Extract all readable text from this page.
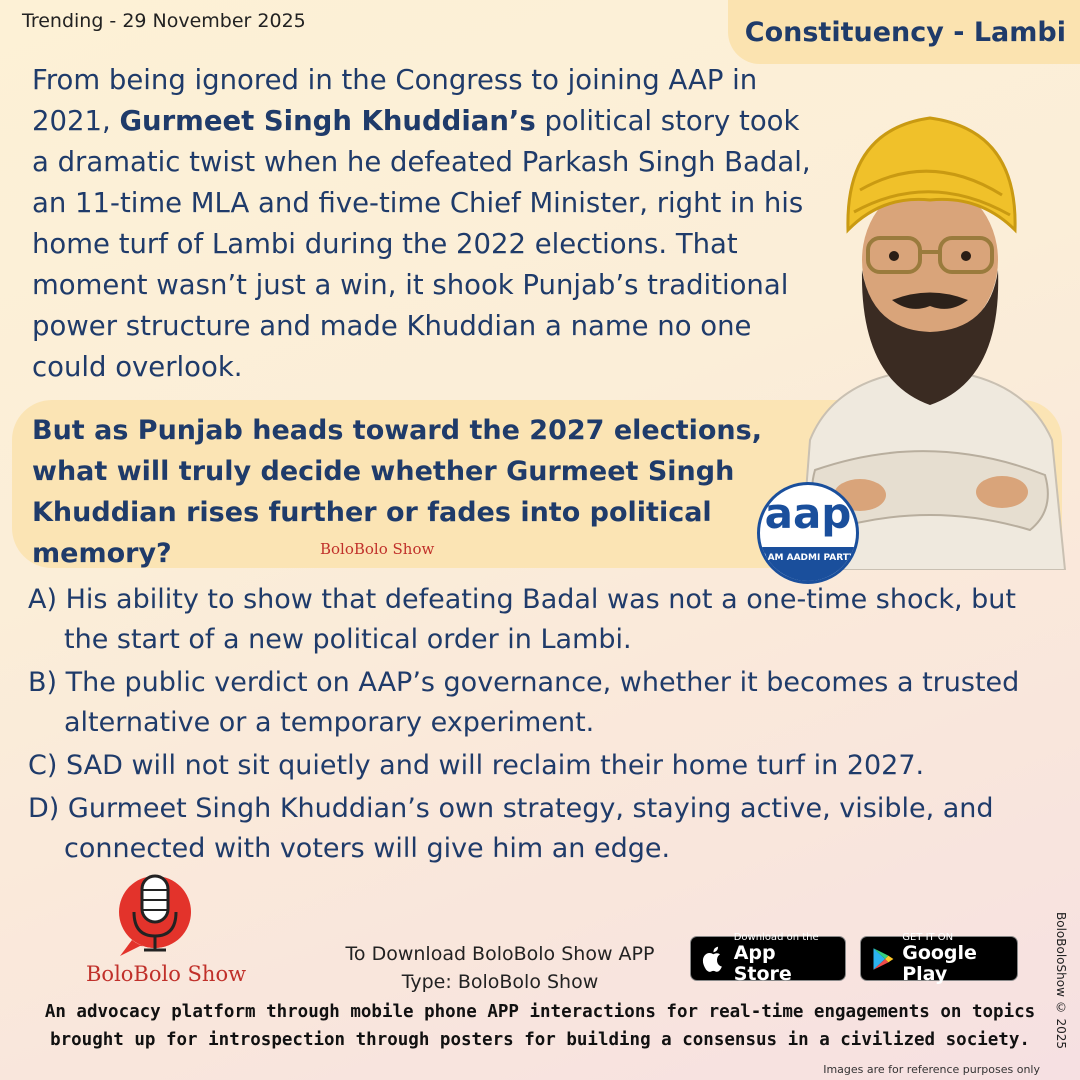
Trending - 29 November 2025	Constituency - Lambi

From being ignored in the Congress to joining AAP in 2021, Gurmeet Singh Khuddian’s political story took a dramatic twist when he defeated Parkash Singh Badal, an 11-time MLA and five-time Chief Minister, right in his home turf of Lambi during the 2022 elections. That moment wasn’t just a win, it shook Punjab’s traditional power structure and made Khuddian a name no one could overlook.

But as Punjab heads toward the 2027 elections, what will truly decide whether Gurmeet Singh Khuddian rises further or fades into political memory?	BoloBolo Show
aap
AAM AADMI PARTY
A) His ability to show that defeating Badal was not a one-time shock, but the start of a new political order in Lambi.
B) The public verdict on AAP’s governance, whether it becomes a trusted alternative or a temporary experiment.
C) SAD will not sit quietly and will reclaim their home turf in 2027.
D) Gurmeet Singh Khuddian’s own strategy, staying active, visible, and connected with voters will give him an edge.
BoloBolo Show
To Download BoloBolo Show APP
Type: BoloBolo Show
Download on the
App Store
GET IT ON
Google Play
An advocacy platform through mobile phone APP interactions for real-time engagements on topics brought up for introspection through posters for building a consensus in a civilized society.	BoloBoloShow © 2025
Images are for reference purposes only
